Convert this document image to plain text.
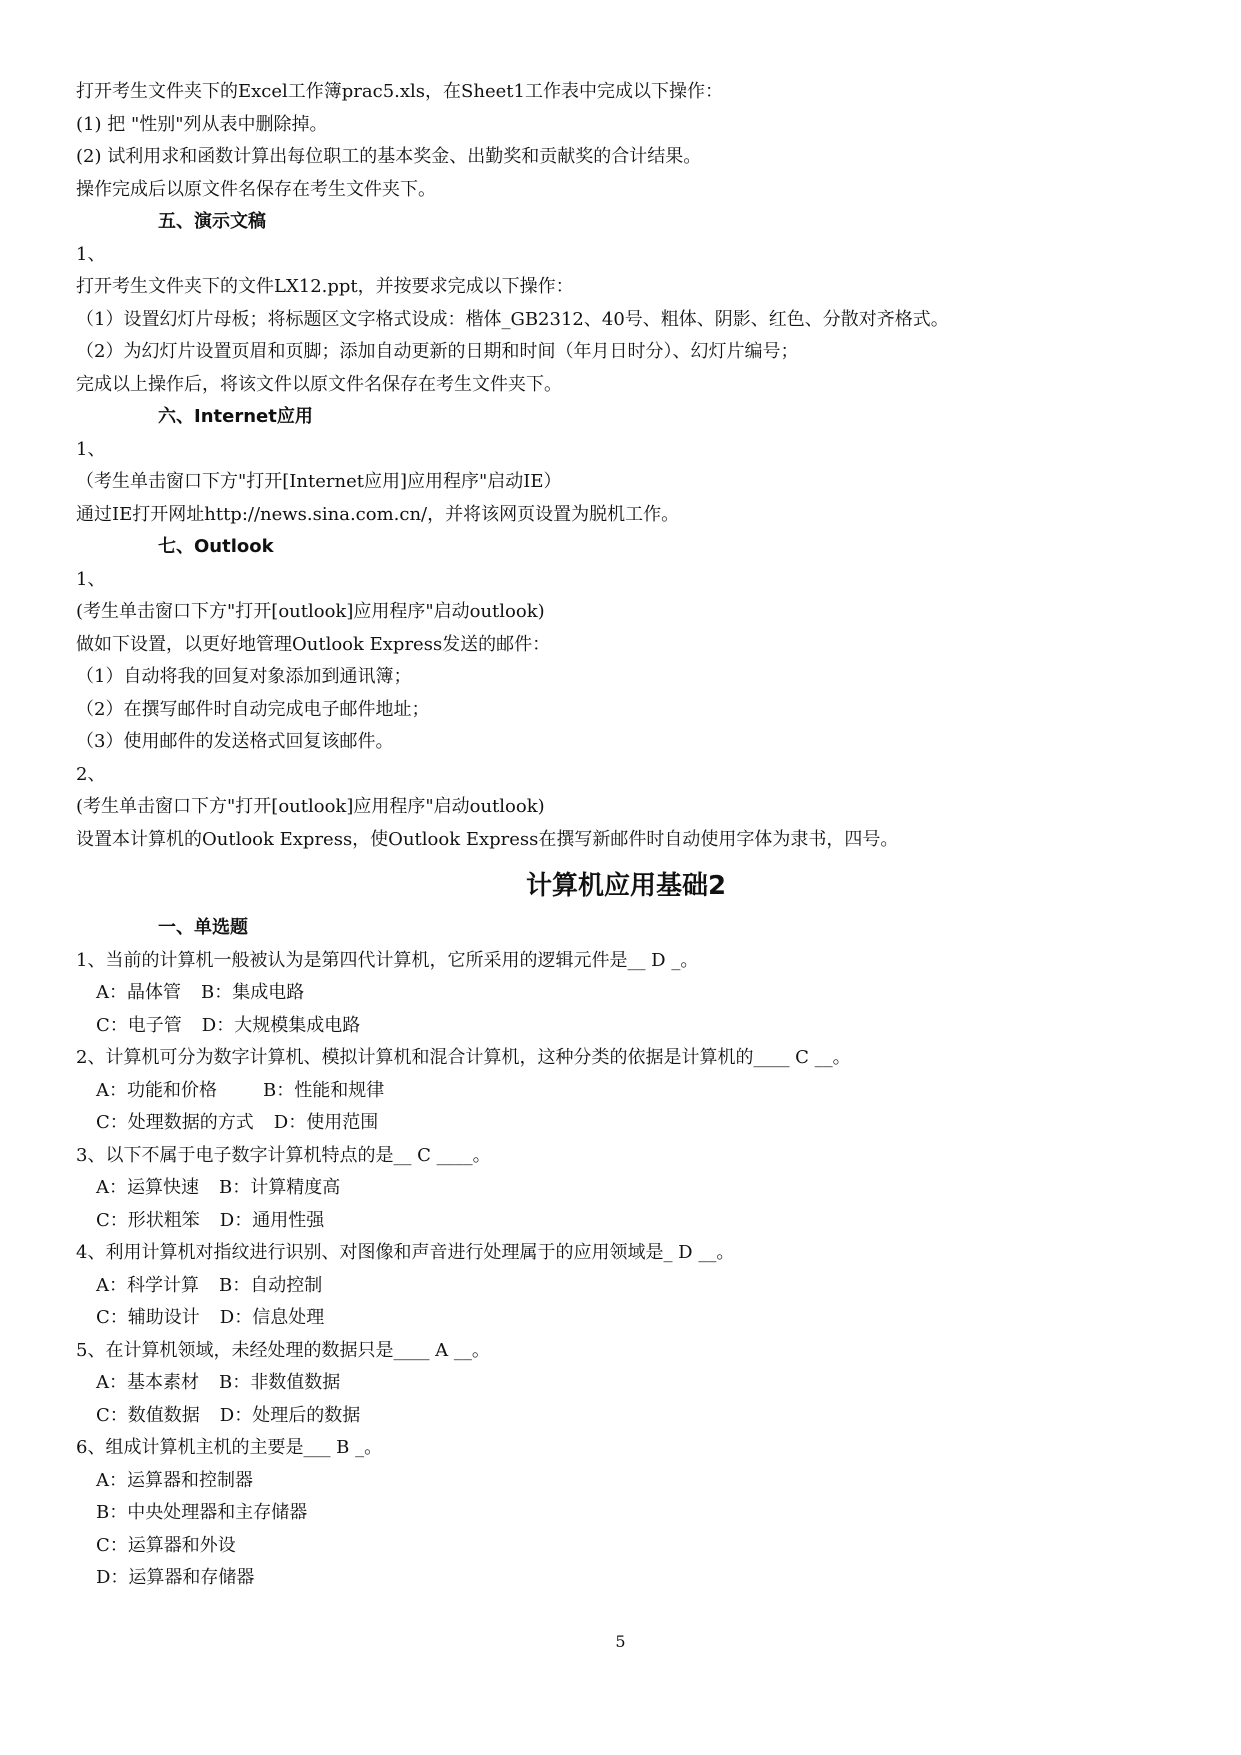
打开考生文件夹下的Excel工作簿prac5.xls，在Sheet1工作表中完成以下操作：
(1) 把 "性别"列从表中删除掉。
(2) 试利用求和函数计算出每位职工的基本奖金、出勤奖和贡献奖的合计结果。
操作完成后以原文件名保存在考生文件夹下。
五、演示文稿
1、
打开考生文件夹下的文件LX12.ppt，并按要求完成以下操作：
（1）设置幻灯片母板；将标题区文字格式设成：楷体_GB2312、40号、粗体、阴影、红色、分散对齐格式。
（2）为幻灯片设置页眉和页脚；添加自动更新的日期和时间（年月日时分）、幻灯片编号；
完成以上操作后，将该文件以原文件名保存在考生文件夹下。
六、Internet应用
1、
（考生单击窗口下方"打开[Internet应用]应用程序"启动IE）
通过IE打开网址http://news.sina.com.cn/，并将该网页设置为脱机工作。
七、Outlook
1、
(考生单击窗口下方"打开[outlook]应用程序"启动outlook)
做如下设置，以更好地管理Outlook Express发送的邮件：
（1）自动将我的回复对象添加到通讯簿；
（2）在撰写邮件时自动完成电子邮件地址；
（3）使用邮件的发送格式回复该邮件。
2、
(考生单击窗口下方"打开[outlook]应用程序"启动outlook)
设置本计算机的Outlook Express，使Outlook Express在撰写新邮件时自动使用字体为隶书，四号。
计算机应用基础2
一、单选题
1、当前的计算机一般被认为是第四代计算机，它所采用的逻辑元件是__ D _。
A：晶体管 B：集成电路
C：电子管 D：大规模集成电路
2、计算机可分为数字计算机、模拟计算机和混合计算机，这种分类的依据是计算机的____ C __。
A：功能和价格	B：性能和规律
C：处理数据的方式 D：使用范围
3、以下不属于电子数字计算机特点的是__ C ____。
A：运算快速 B：计算精度高
C：形状粗笨 D：通用性强
4、利用计算机对指纹进行识别、对图像和声音进行处理属于的应用领域是_ D __。
A：科学计算 B：自动控制
C：辅助设计 D：信息处理
5、在计算机领域，未经处理的数据只是____ A __。
A：基本素材 B：非数值数据
C：数值数据 D：处理后的数据
6、组成计算机主机的主要是___ B _。
A：运算器和控制器
B：中央处理器和主存储器
C：运算器和外设
D：运算器和存储器
5
